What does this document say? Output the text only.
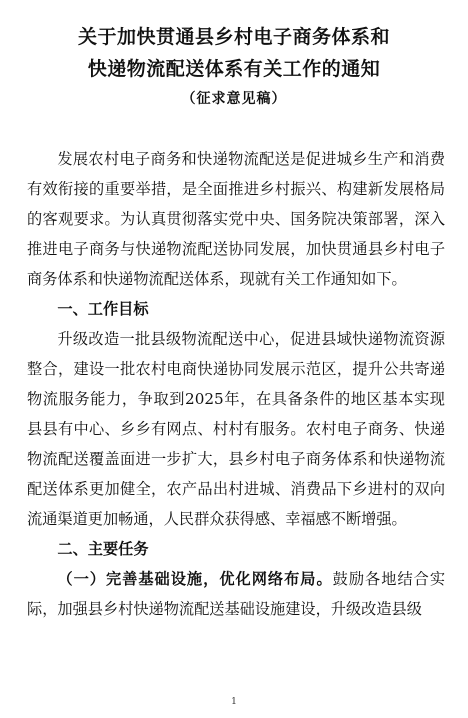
关于加快贯通县乡村电子商务体系和
快递物流配送体系有关工作的通知
（征求意见稿）

发展农村电子商务和快递物流配送是促进城乡生产和消费有效衔接的重要举措，是全面推进乡村振兴、构建新发展格局的客观要求。为认真贯彻落实党中央、国务院决策部署，深入推进电子商务与快递物流配送协同发展，加快贯通县乡村电子商务体系和快递物流配送体系，现就有关工作通知如下。

一、工作目标

升级改造一批县级物流配送中心，促进县域快递物流资源整合，建设一批农村电商快递协同发展示范区，提升公共寄递物流服务能力，争取到2025年，在具备条件的地区基本实现县县有中心、乡乡有网点、村村有服务。农村电子商务、快递物流配送覆盖面进一步扩大，县乡村电子商务体系和快递物流配送体系更加健全，农产品出村进城、消费品下乡进村的双向流通渠道更加畅通，人民群众获得感、幸福感不断增强。

二、主要任务

（一）完善基础设施，优化网络布局。鼓励各地结合实际，加强县乡村快递物流配送基础设施建设，升级改造县级

1
